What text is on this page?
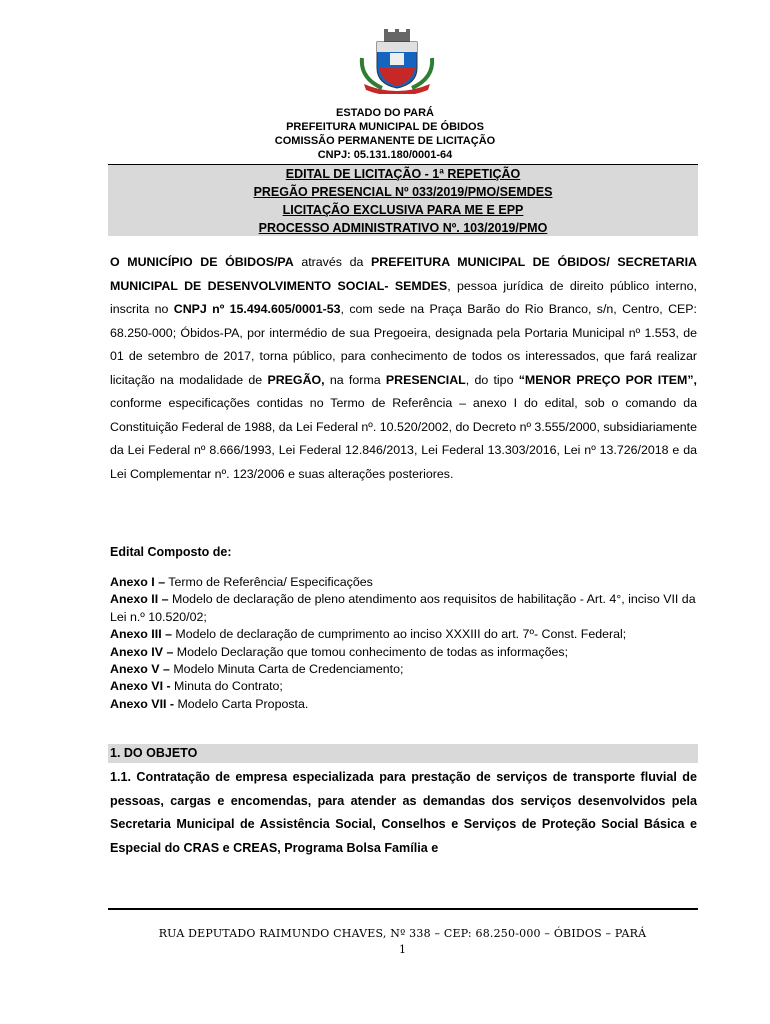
ESTADO DO PARÁ
PREFEITURA MUNICIPAL DE ÓBIDOS
COMISSÃO PERMANENTE DE LICITAÇÃO
CNPJ: 05.131.180/0001-64
EDITAL DE LICITAÇÃO - 1ª REPETIÇÃO
PREGÃO PRESENCIAL Nº 033/2019/PMO/SEMDES
LICITAÇÃO EXCLUSIVA PARA ME E EPP
PROCESSO ADMINISTRATIVO Nº. 103/2019/PMO
O MUNICÍPIO DE ÓBIDOS/PA através da PREFEITURA MUNICIPAL DE ÓBIDOS/ SECRETARIA MUNICIPAL DE DESENVOLVIMENTO SOCIAL- SEMDES, pessoa jurídica de direito público interno, inscrita no CNPJ nº 15.494.605/0001-53, com sede na Praça Barão do Rio Branco, s/n, Centro, CEP: 68.250-000; Óbidos-PA, por intermédio de sua Pregoeira, designada pela Portaria Municipal nº 1.553, de 01 de setembro de 2017, torna público, para conhecimento de todos os interessados, que fará realizar licitação na modalidade de PREGÃO, na forma PRESENCIAL, do tipo “MENOR PREÇO POR ITEM”, conforme especificações contidas no Termo de Referência – anexo I do edital, sob o comando da Constituição Federal de 1988, da Lei Federal nº. 10.520/2002, do Decreto nº 3.555/2000, subsidiariamente da Lei Federal nº 8.666/1993, Lei Federal 12.846/2013, Lei Federal 13.303/2016, Lei nº 13.726/2018 e da Lei Complementar nº. 123/2006 e suas alterações posteriores.
Edital Composto de:
Anexo I – Termo de Referência/ Especificações
Anexo II – Modelo de declaração de pleno atendimento aos requisitos de habilitação - Art. 4°, inciso VII da Lei n.º 10.520/02;
Anexo III – Modelo de declaração de cumprimento ao inciso XXXIII do art. 7º- Const. Federal;
Anexo IV – Modelo Declaração que tomou conhecimento de todas as informações;
Anexo V – Modelo Minuta Carta de Credenciamento;
Anexo VI - Minuta do Contrato;
Anexo VII - Modelo Carta Proposta.
1. DO OBJETO
1.1. Contratação de empresa especializada para prestação de serviços de transporte fluvial de pessoas, cargas e encomendas, para atender as demandas dos serviços desenvolvidos pela Secretaria Municipal de Assistência Social, Conselhos e Serviços de Proteção Social Básica e Especial do CRAS e CREAS, Programa Bolsa Família e
RUA DEPUTADO RAIMUNDO CHAVES, Nº 338 – CEP: 68.250-000 – ÓBIDOS – PARÁ
1
